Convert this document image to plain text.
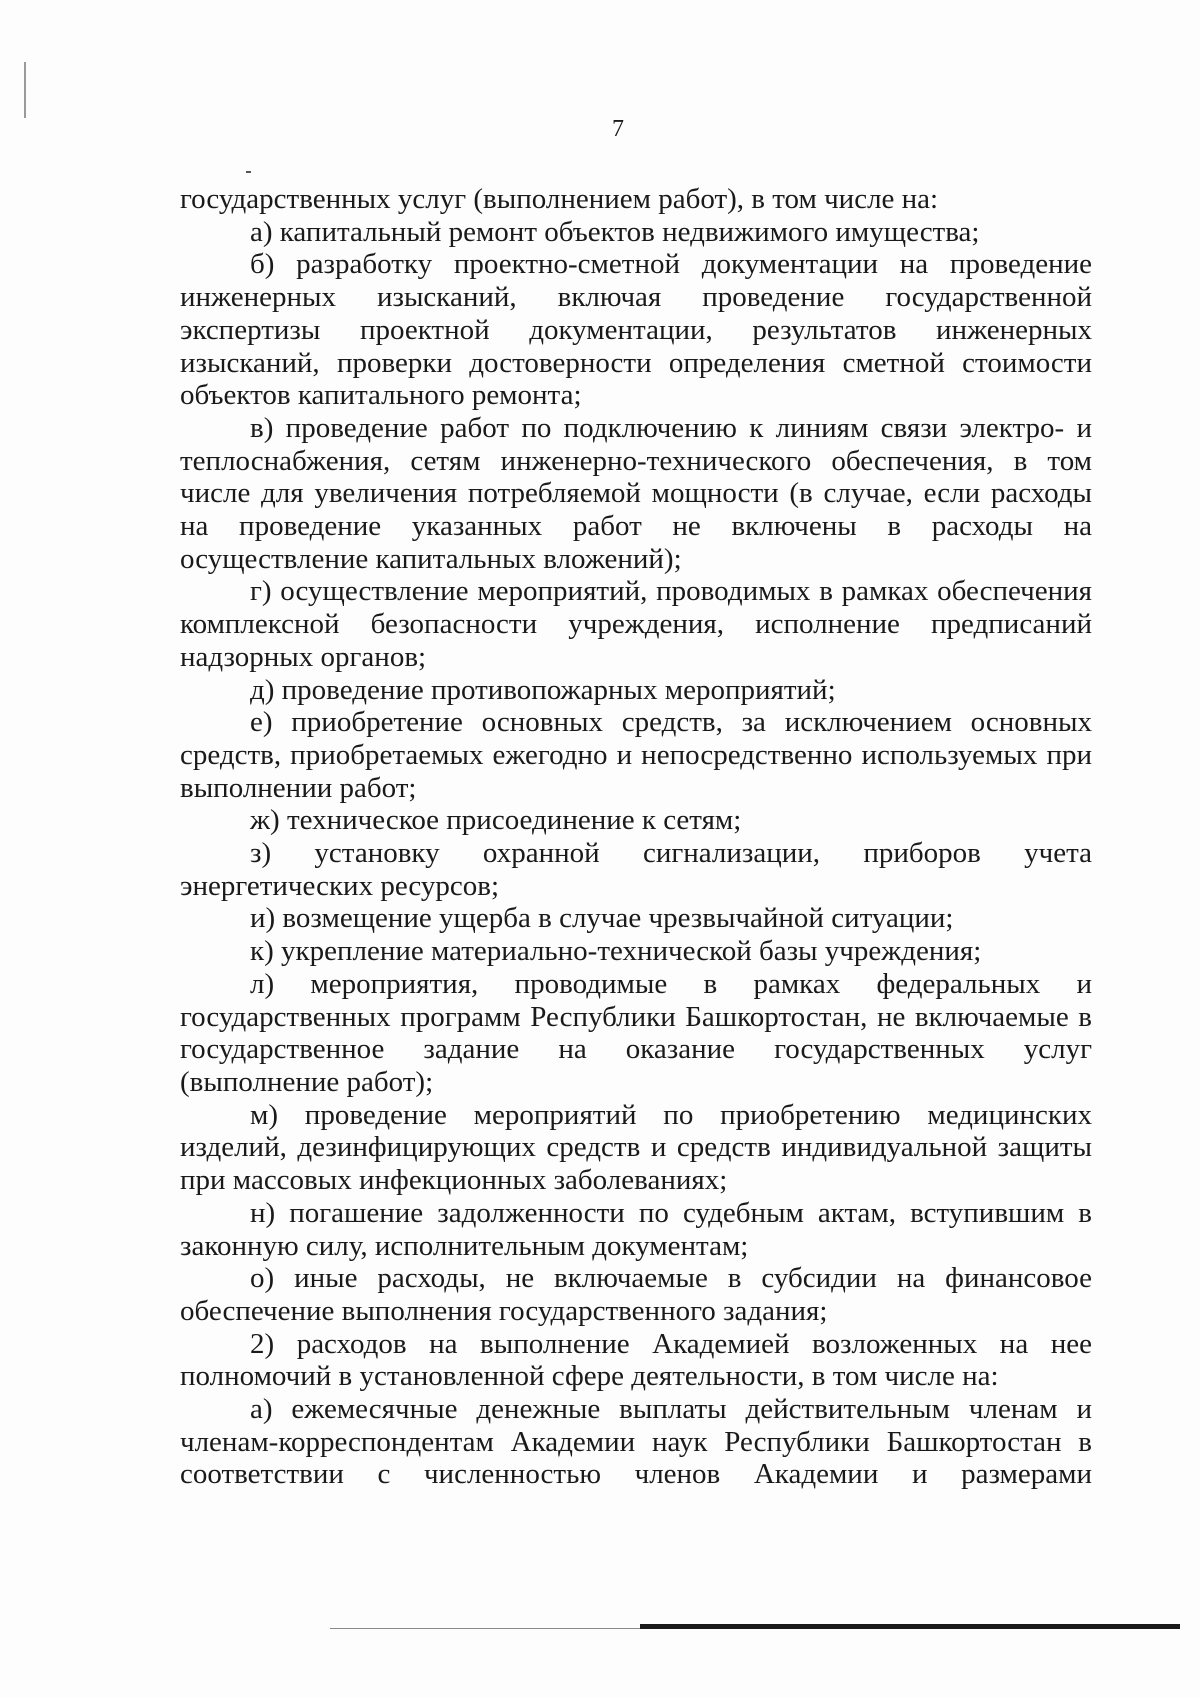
7

государственных услуг (выполнением работ), в том числе на:

а) капитальный ремонт объектов недвижимого имущества;

б) разработку проектно-сметной документации на проведение инженерных изысканий, включая проведение государственной экспертизы проектной документации, результатов инженерных изысканий, проверки достоверности определения сметной стоимости объектов капитального ремонта;

в) проведение работ по подключению к линиям связи электро- и теплоснабжения, сетям инженерно-технического обеспечения, в том числе для увеличения потребляемой мощности (в случае, если расходы на проведение указанных работ не включены в расходы на осуществление капитальных вложений);

г) осуществление мероприятий, проводимых в рамках обеспечения комплексной безопасности учреждения, исполнение предписаний надзорных органов;

д) проведение противопожарных мероприятий;

е) приобретение основных средств, за исключением основных средств, приобретаемых ежегодно и непосредственно используемых при выполнении работ;

ж) техническое присоединение к сетям;

з) установку охранной сигнализации, приборов учета энергетических ресурсов;

и) возмещение ущерба в случае чрезвычайной ситуации;

к) укрепление материально-технической базы учреждения;

л) мероприятия, проводимые в рамках федеральных и государственных программ Республики Башкортостан, не включаемые в государственное задание на оказание государственных услуг (выполнение работ);

м) проведение мероприятий по приобретению медицинских изделий, дезинфицирующих средств и средств индивидуальной защиты при массовых инфекционных заболеваниях;

н) погашение задолженности по судебным актам, вступившим в законную силу, исполнительным документам;

о) иные расходы, не включаемые в субсидии на финансовое обеспечение выполнения государственного задания;

2) расходов на выполнение Академией возложенных на нее полномочий в установленной сфере деятельности, в том числе на:

а) ежемесячные денежные выплаты действительным членам и членам-корреспондентам Академии наук Республики Башкортостан в соответствии с численностью членов Академии и размерами
